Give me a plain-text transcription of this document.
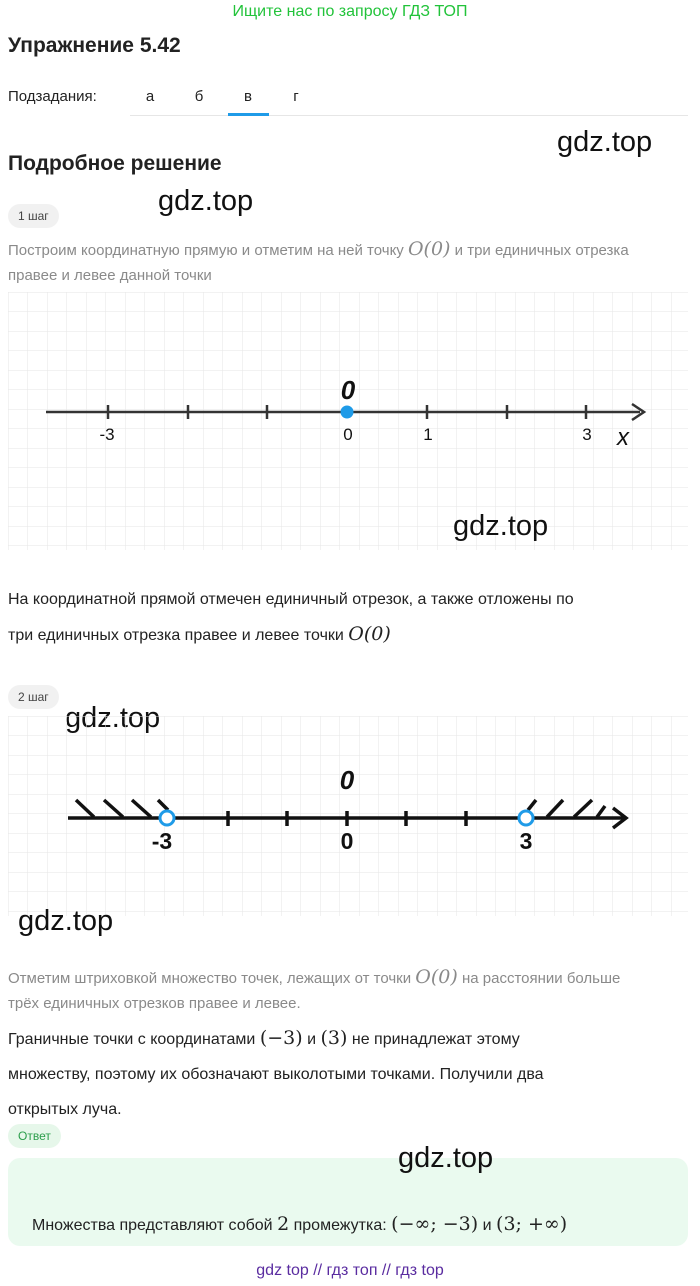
Ищите нас по запросу ГДЗ ТОП
Упражнение 5.42
Подзадания:	а	б	в	г
Подробное решение
gdz.top
gdz.top
1 шаг
Построим координатную прямую и отметим на ней точку O(0) и три единичных отрезка
правее и левее данной точки
0
-3	0	1	3 x
gdz.top
На координатной прямой отмечен единичный отрезок, а также отложены по
три единичных отрезка правее и левее точки O(0)
2 шаг
0
-3	0	3
gdz.top
Отметим штриховкой множество точек, лежащих от точки O(0) на расстоянии больше
трёх единичных отрезков правее и левее.
Граничные точки с координатами (−3) и (3) не принадлежат этому
множеству, поэтому их обозначают выколотыми точками. Получили два
открытых луча.
Ответ
gdz.top
Множества представляют собой 2 промежутка: (−∞; −3) и (3; +∞)
gdz top // гдз топ // гдз top
